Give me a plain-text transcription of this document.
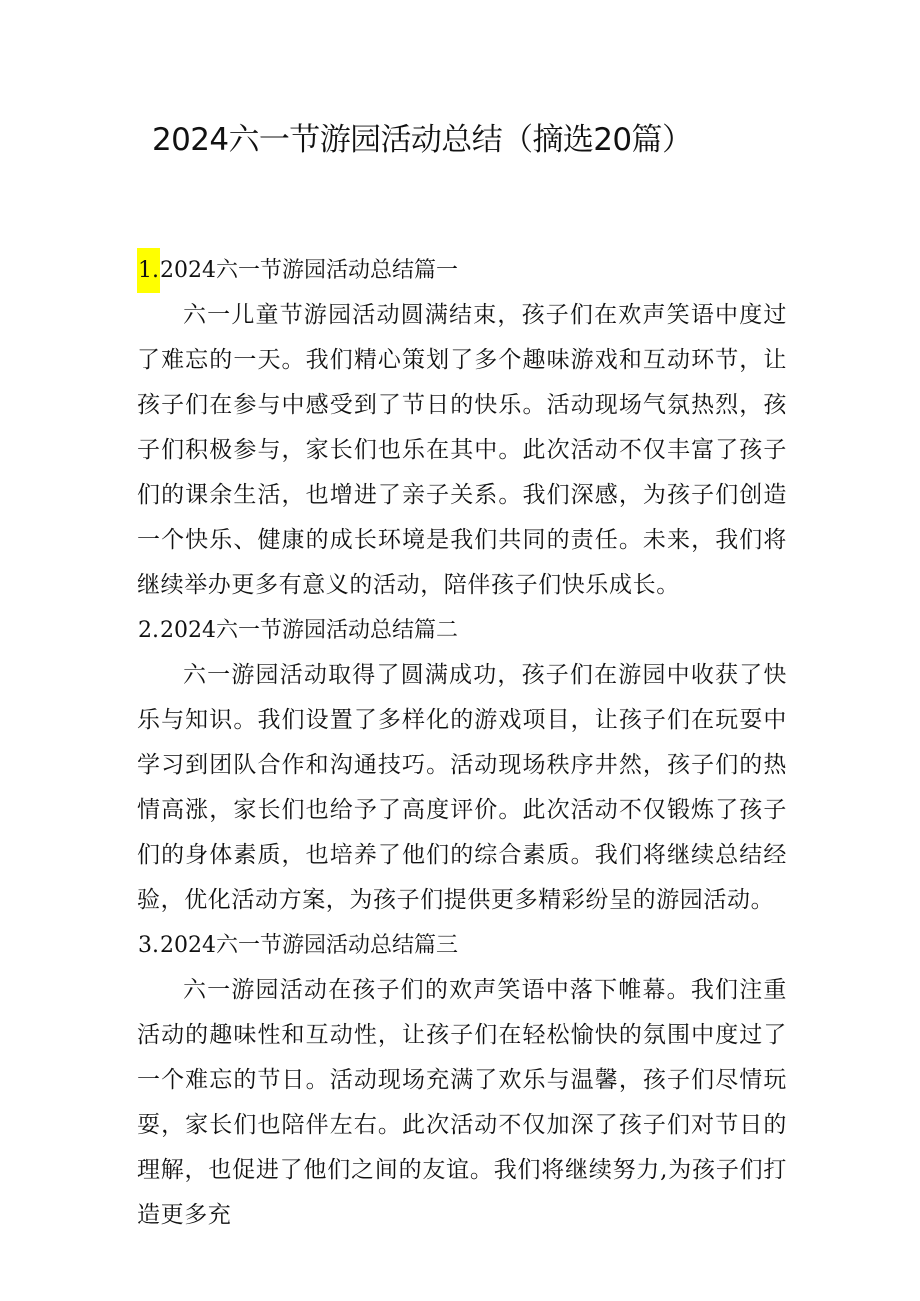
2024六一节游园活动总结（摘选20篇）

1.2024六一节游园活动总结篇一

六一儿童节游园活动圆满结束，孩子们在欢声笑语中度过了难忘的一天。我们精心策划了多个趣味游戏和互动环节，让孩子们在参与中感受到了节日的快乐。活动现场气氛热烈，孩子们积极参与，家长们也乐在其中。此次活动不仅丰富了孩子们的课余生活，也增进了亲子关系。我们深感，为孩子们创造一个快乐、健康的成长环境是我们共同的责任。未来，我们将继续举办更多有意义的活动，陪伴孩子们快乐成长。

2.2024六一节游园活动总结篇二

六一游园活动取得了圆满成功，孩子们在游园中收获了快乐与知识。我们设置了多样化的游戏项目，让孩子们在玩耍中学习到团队合作和沟通技巧。活动现场秩序井然，孩子们的热情高涨，家长们也给予了高度评价。此次活动不仅锻炼了孩子们的身体素质，也培养了他们的综合素质。我们将继续总结经验，优化活动方案，为孩子们提供更多精彩纷呈的游园活动。

3.2024六一节游园活动总结篇三

六一游园活动在孩子们的欢声笑语中落下帷幕。我们注重活动的趣味性和互动性，让孩子们在轻松愉快的氛围中度过了一个难忘的节日。活动现场充满了欢乐与温馨，孩子们尽情玩耍，家长们也陪伴左右。此次活动不仅加深了孩子们对节日的理解，也促进了他们之间的友谊。我们将继续努力,为孩子们打造更多充
